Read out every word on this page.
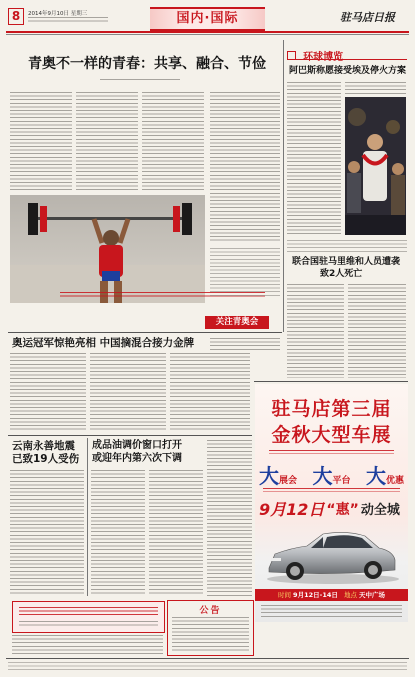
8	2014年9月10日 星期三	国内·国际	驻马店日报
青奥不一样的青春：共享、融合、节俭
关注青奥会
环球博览
阿巴斯称愿接受埃及停火方案
联合国驻马里维和人员遭袭
致2人死亡
奥运冠军惊艳亮相 中国摘混合接力金牌
云南永善地震
已致19人受伤
成品油调价窗口打开
或迎年内第六次下调
公告
驻马店第三届
金秋大型车展
大展会 大平台 大优惠
9月12日 “惠” 动全城
时间 9月12日-14日 地点 天中广场
